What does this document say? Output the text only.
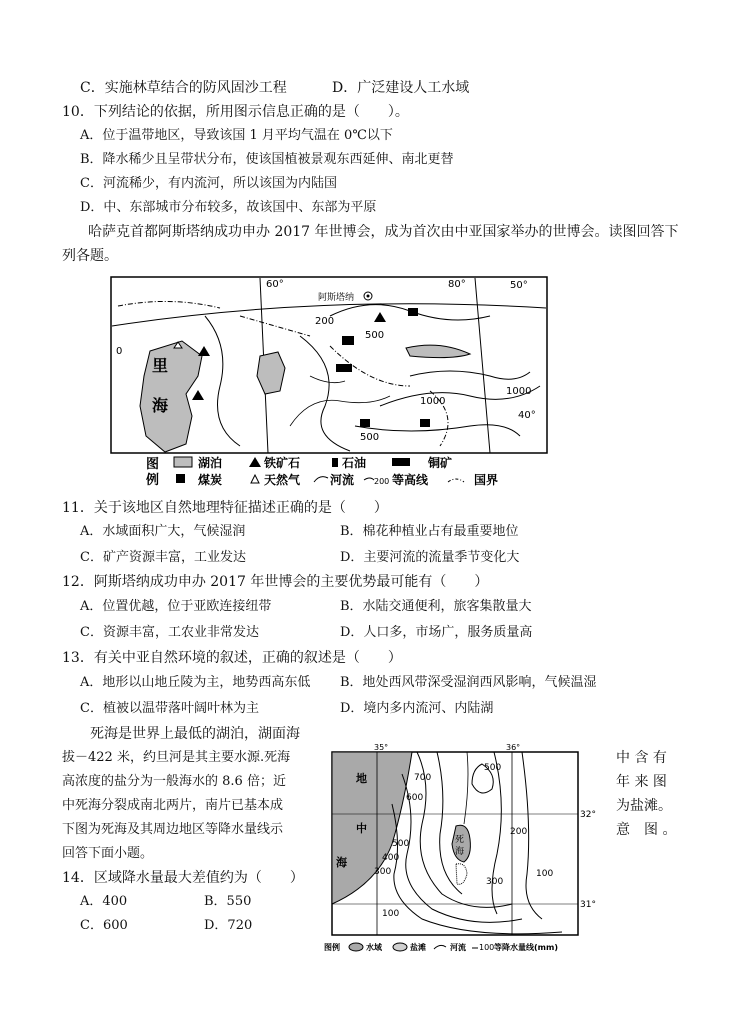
C．实施林草结合的防风固沙工程	D．广泛建设人工水域
10．下列结论的依据，所用图示信息正确的是（　　）。
A．位于温带地区，导致该国 1 月平均气温在 0℃以下
B．降水稀少且呈带状分布，使该国植被景观东西延伸、南北更替
C．河流稀少，有内流河，所以该国为内陆国
D．中、东部城市分布较多，故该国中、东部为平原
哈萨克首都阿斯塔纳成功申办 2017 年世博会，成为首次由中亚国家举办的世博会。读图回答下
列各题。
阿斯塔纳
60°	80°	50°
40°
里
海
200
500
500
1000
1000
0
图
例
湖泊	铁矿石	石油	铜矿
煤炭	天然气 河流 200 等高线	国界
11．关于该地区自然地理特征描述正确的是（　　）
A．水域面积广大，气候湿润	B．棉花种植业占有最重要地位
C．矿产资源丰富，工业发达	D．主要河流的流量季节变化大
12．阿斯塔纳成功申办 2017 年世博会的主要优势最可能有（　　）
A．位置优越，位于亚欧连接纽带	B．水陆交通便利，旅客集散量大
C．资源丰富，工农业非常发达	D．人口多，市场广，服务质量高
13．有关中亚自然环境的叙述，正确的叙述是（　　）
A．地形以山地丘陵为主，地势西高东低 B．地处西风带深受湿润西风影响，气候温湿
C．植被以温带落叶阔叶林为主	D．境内多内流河、内陆湖
死海是世界上最低的湖泊，湖面海
拔－422 米，约旦河是其主要水源.死海
高浓度的盐分为一般海水的 8.6 倍；近
中死海分裂成南北两片，南片已基本成
下图为死海及其周边地区等降水量线示
回答下面小题。
中 含 有
年 来 图
为盐滩。
意　图 。
14．区域降水量最大差值约为（　　）
A．400	B．550
C．600	D．720
35°	36°
32°
31°
地
中
海
死
海
700
600
500
500
400
300
300
200
100
100
图例	水域	盐滩	河流 100 等降水量线(mm)
